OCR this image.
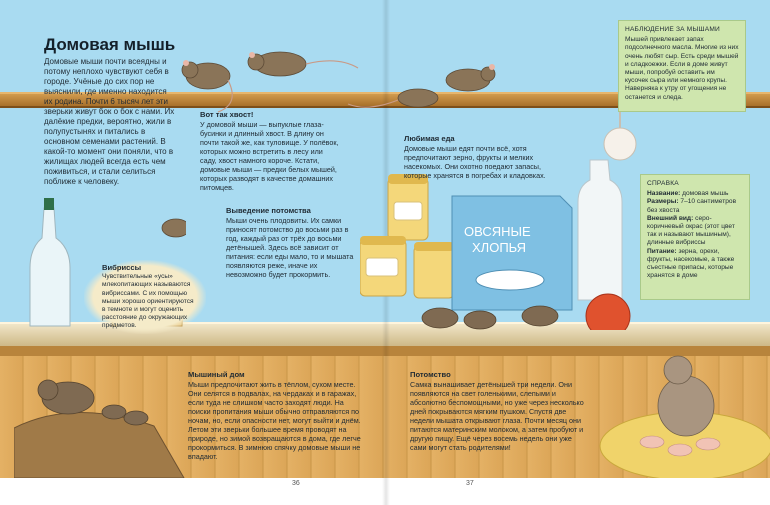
ОВСЯНЫЕ
ХЛОПЬЯ
Домовая мышь
Домовые мыши почти всеядны и потому неплохо чувствуют себя в городе. Учёные до сих пор не выяснили, где именно находится их родина. Почти 6 тысяч лет эти зверьки живут бок о бок с нами. Их далёкие предки, вероятно, жили в полупустынях и питались в основном семенами растений. В какой-то момент они поняли, что в жилищах людей всегда есть чем поживиться, и стали селиться поближе к человеку.
Вот так хвост!
У домовой мыши — выпуклые глаза-бусинки и длинный хвост. В длину он почти такой же, как туловище. У полёвок, которых можно встретить в лесу или саду, хвост намного короче. Кстати, домовые мыши — предки белых мышей, которых разводят в качестве домашних питомцев.
Любимая еда
Домовые мыши едят почти всё, хотя предпочитают зерно, фрукты и мелких насекомых. Они охотно поедают запасы, которые хранятся в погребах и кладовках.
Выведение потомства
Мыши очень плодовиты. Их самки приносят потомство до восьми раз в год, каждый раз от трёх до восьми детёнышей. Здесь всё зависит от питания: если еды мало, то и мышата появляются реже, иначе их невозможно будет прокормить.
Вибриссы
Чувствительные «усы» млекопитающих называются вибриссами. С их помощью мыши хорошо ориентируются в темноте и могут оценить расстояние до окружающих предметов.
Мышиный дом
Мыши предпочитают жить в тёплом, сухом месте. Они селятся в подвалах, на чердаках и в гаражах, если туда не слишком часто заходят люди. На поиски пропитания мыши обычно отправляются по ночам, но, если опасности нет, могут выйти и днём. Летом эти зверьки большее время проводят на природе, но зимой возвращаются в дома, где легче прокормиться. В зимнюю спячку домовые мыши не впадают.
Потомство
Самка вынашивает детёнышей три недели. Они появляются на свет голенькими, слепыми и абсолютно беспомощными, но уже через несколько дней покрываются мягким пушком. Спустя две недели мышата открывают глаза. Почти месяц они питаются материнским молоком, а затем пробуют и другую пищу. Ещё через восемь недель они уже сами могут стать родителями!
НАБЛЮДЕНИЕ ЗА МЫШАМИ
Мышей привлекает запах подсолнечного масла. Многие из них очень любят сыр. Есть среди мышей и сладкоежки. Если в доме живут мыши, попробуй оставить им кусочек сыра или немного крупы. Наверняка к утру от угощения не останется и следа.
СПРАВКА
Название: домовая мышь
Размеры: 7–10 сантиметров без хвоста
Внешний вид: серо-коричневый окрас (этот цвет так и называют мышиным), длинные вибриссы
Питание: зерна, орехи, фрукты, насекомые, а также съестные припасы, которые хранятся в доме
36	37
